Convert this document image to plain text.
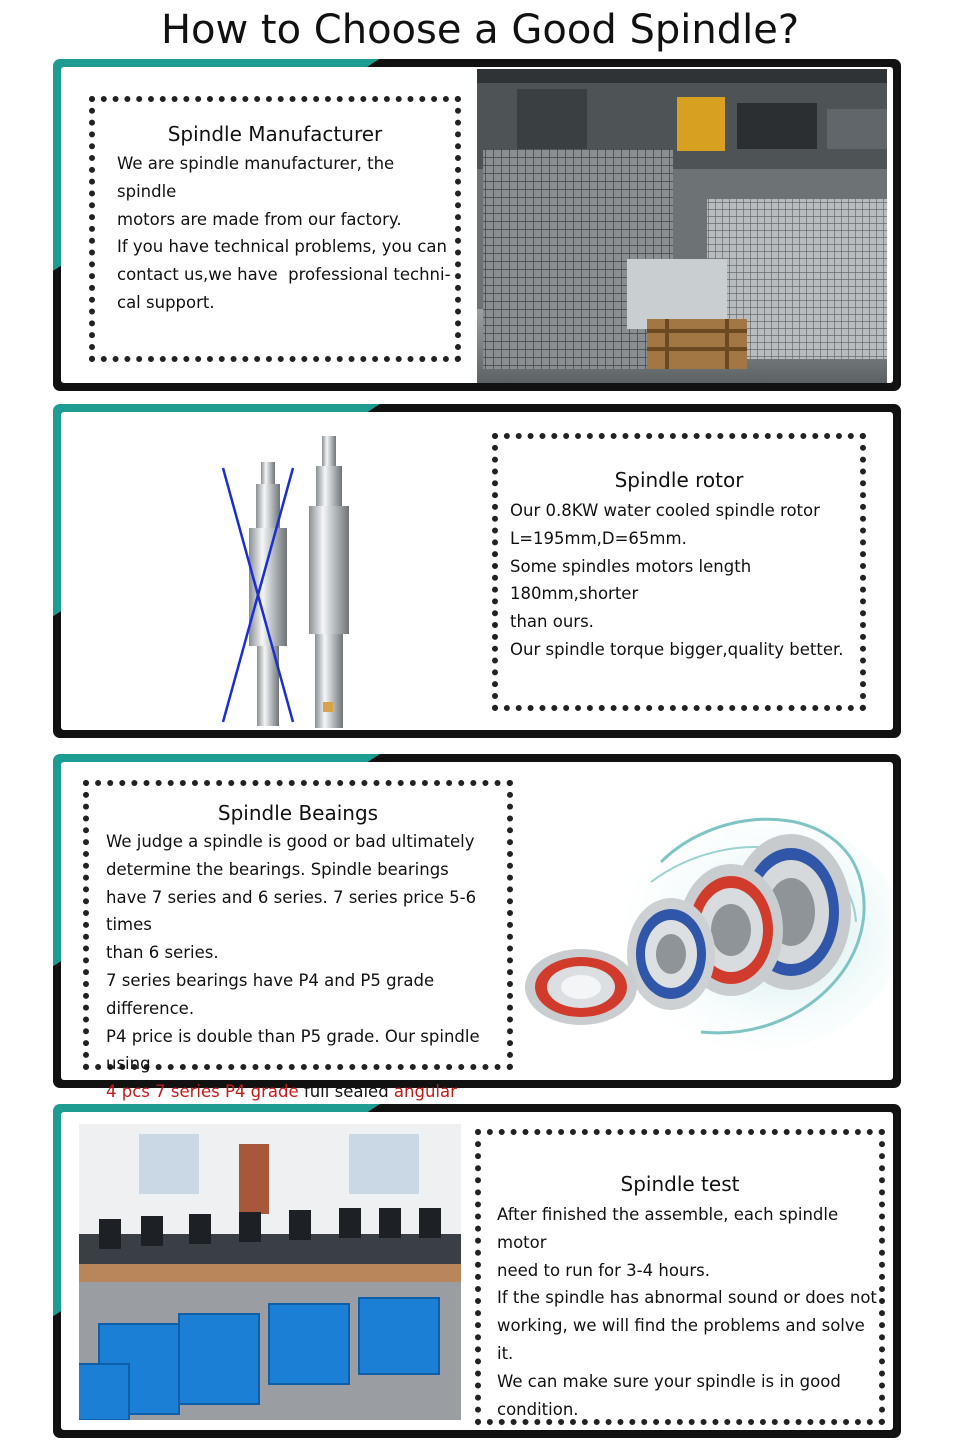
How to Choose a Good Spindle?
Spindle Manufacturer

We are spindle manufacturer, the spindle

motors are made from our factory.

If you have technical problems, you can

contact us,we have  professional techni-

cal support.

Spindle rotor

Our 0.8KW water cooled spindle rotor

L=195mm,D=65mm.

Some spindles motors length 180mm,shorter

than ours.

Our spindle torque bigger,quality better.

Spindle Beaings

We judge a spindle is good or bad ultimately

determine the bearings. Spindle bearings

have 7 series and 6 series. 7 series price 5-6 times

than 6 series.

7 series bearings have P4 and P5 grade difference.

P4 price is double than P5 grade. Our spindle using

4 pcs 7 series P4 grade full sealed angular

Spindle test

After finished the assemble, each spindle motor

need to run for 3-4 hours.

If the spindle has abnormal sound or does not

working, we will find the problems and solve it.

We can make sure your spindle is in good

condition.
